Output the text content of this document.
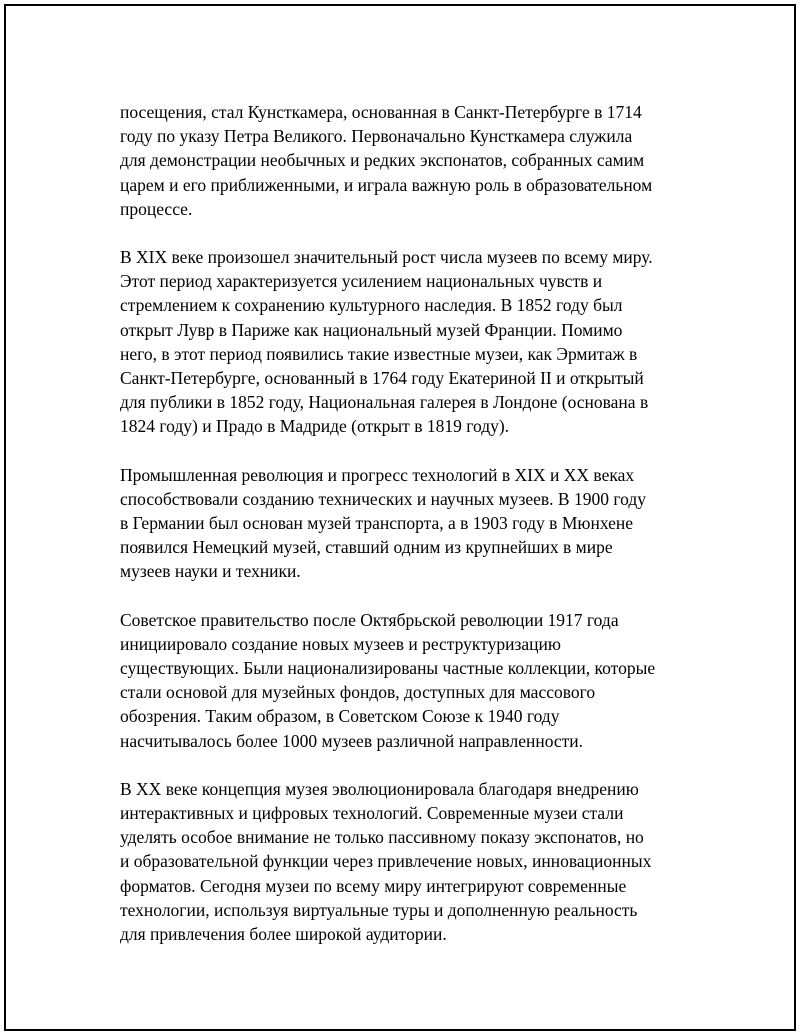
посещения, стал Кунсткамера, основанная в Санкт-Петербурге в 1714
году по указу Петра Великого. Первоначально Кунсткамера служила
для демонстрации необычных и редких экспонатов, собранных самим
царем и его приближенными, и играла важную роль в образовательном
процессе.

В XIX веке произошел значительный рост числа музеев по всему миру.
Этот период характеризуется усилением национальных чувств и
стремлением к сохранению культурного наследия. В 1852 году был
открыт Лувр в Париже как национальный музей Франции. Помимо
него, в этот период появились такие известные музеи, как Эрмитаж в
Санкт-Петербурге, основанный в 1764 году Екатериной II и открытый
для публики в 1852 году, Национальная галерея в Лондоне (основана в
1824 году) и Прадо в Мадриде (открыт в 1819 году).

Промышленная революция и прогресс технологий в XIX и XX веках
способствовали созданию технических и научных музеев. В 1900 году
в Германии был основан музей транспорта, а в 1903 году в Мюнхене
появился Немецкий музей, ставший одним из крупнейших в мире
музеев науки и техники.

Советское правительство после Октябрьской революции 1917 года
инициировало создание новых музеев и реструктуризацию
существующих. Были национализированы частные коллекции, которые
стали основой для музейных фондов, доступных для массового
обозрения. Таким образом, в Советском Союзе к 1940 году
насчитывалось более 1000 музеев различной направленности.

В XX веке концепция музея эволюционировала благодаря внедрению
интерактивных и цифровых технологий. Современные музеи стали
уделять особое внимание не только пассивному показу экспонатов, но
и образовательной функции через привлечение новых, инновационных
форматов. Сегодня музеи по всему миру интегрируют современные
технологии, используя виртуальные туры и дополненную реальность
для привлечения более широкой аудитории.
